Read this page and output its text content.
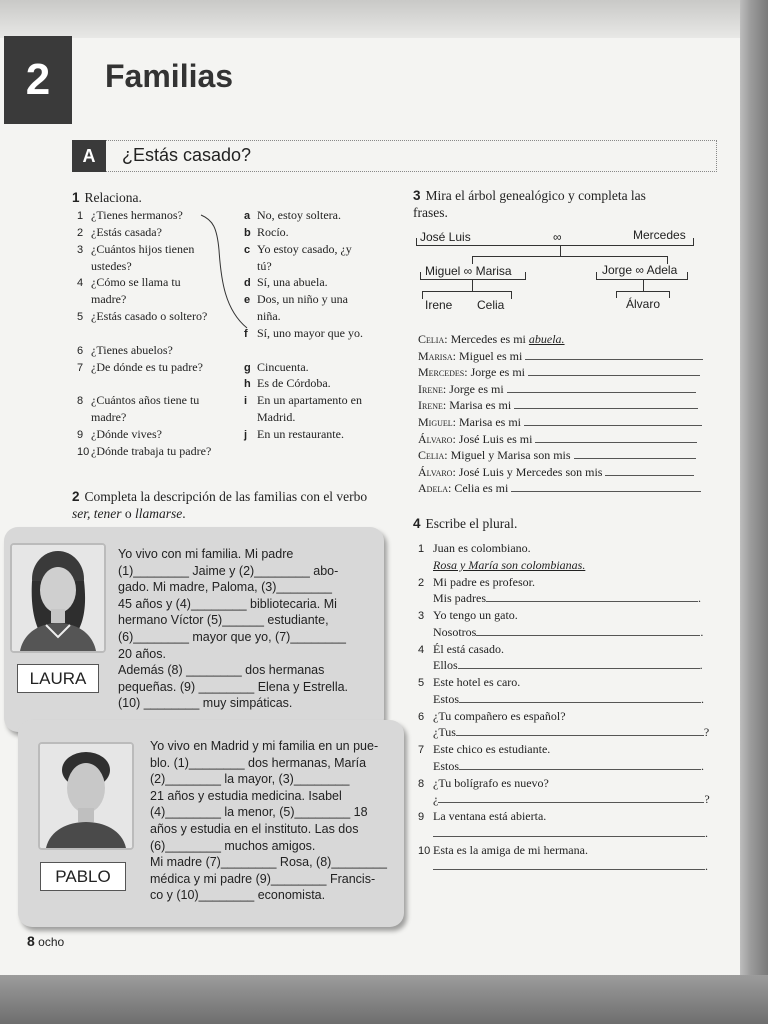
2	Familias
A	¿Estás casado?
1 Relaciona.
1 ¿Tienes hermanos?
2 ¿Estás casada?
3 ¿Cuántos hijos tienen ustedes?
4 ¿Cómo se llama tu madre?
5 ¿Estás casado o soltero?
6 ¿Tienes abuelos?
7 ¿De dónde es tu padre?
8 ¿Cuántos años tiene tu madre?
9 ¿Dónde vives?
10 ¿Dónde trabaja tu padre?
a No, estoy soltera.
b Rocío.
c Yo estoy casado, ¿y tú?
d Sí, una abuela.
e Dos, un niño y una niña.
f Sí, uno mayor que yo.
g Cincuenta.
h Es de Córdoba.
i En un apartamento en Madrid.
j En un restaurante.
2 Completa la descripción de las familias con el verbo ser, tener o llamarse.
LAURA
Yo vivo con mi familia. Mi padre
(1)________ Jaime y (2)________ abo-
gado. Mi madre, Paloma, (3)________
45 años y (4)________ bibliotecaria. Mi
hermano Víctor (5)______ estudiante,
(6)________ mayor que yo, (7)________
20 años.
Además (8) ________ dos hermanas
pequeñas. (9) ________ Elena y Estrella.
(10) ________ muy simpáticas.
PABLO
Yo vivo en Madrid y mi familia en un pue-
blo. (1)________ dos hermanas, María
(2)________ la mayor, (3)________
21 años y estudia medicina. Isabel
(4)________ la menor, (5)________ 18
años y estudia en el instituto. Las dos
(6)________ muchos amigos.
Mi madre (7)________ Rosa, (8)________
médica y mi padre (9)________ Francis-
co y (10)________ economista.
3 Mira el árbol genealógico y completa las
frases.
José Luis	∞	Mercedes
Miguel ∞ Marisa	Jorge ∞ Adela
Irene Celia	Álvaro
Celia: Mercedes es mi abuela.
Marisa: Miguel es mi
Mercedes: Jorge es mi
Irene: Jorge es mi
Irene: Marisa es mi
Miguel: Marisa es mi
Álvaro: José Luis es mi
Celia: Miguel y Marisa son mis
Álvaro: José Luis y Mercedes son mis
Adela: Celia es mi
4 Escribe el plural.
1 Juan es colombiano.
Rosa y María son colombianas.
2 Mi padre es profesor.
Mis padres	.
3 Yo tengo un gato.
Nosotros	.
4 Él está casado.
Ellos	.
5 Este hotel es caro.
Estos	.
6 ¿Tu compañero es español?
¿Tus	?
7 Este chico es estudiante.
Estos	.
8 ¿Tu bolígrafo es nuevo?
¿	?
9 La ventana está abierta.
.
10 Esta es la amiga de mi hermana.
.
8 ocho
